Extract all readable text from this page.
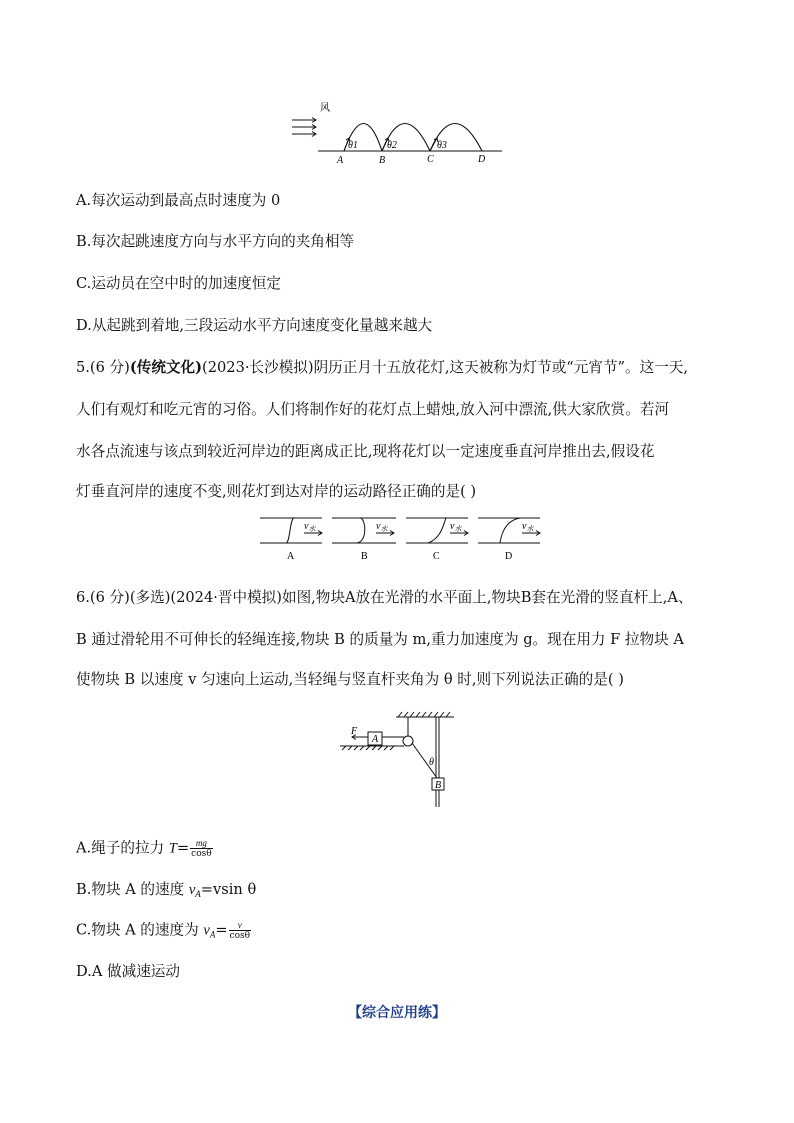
风
θ1	θ2	θ3
A	B	C	D
A.每次运动到最高点时速度为 0
B.每次起跳速度方向与水平方向的夹角相等
C.运动员在空中时的加速度恒定
D.从起跳到着地,三段运动水平方向速度变化量越来越大
5.(6 分)(传统文化)(2023·长沙模拟)阴历正月十五放花灯,这天被称为灯节或“元宵节”。这一天,
人们有观灯和吃元宵的习俗。人们将制作好的花灯点上蜡烛,放入河中漂流,供大家欣赏。若河
水各点流速与该点到较近河岸边的距离成正比,现将花灯以一定速度垂直河岸推出去,假设花
灯垂直河岸的速度不变,则花灯到达对岸的运动路径正确的是( )
$v_水$	$v_水$	$v_水$	$v_水$
A	B	C	D
6.(6 分)(多选)(2024·晋中模拟)如图,物块A放在光滑的水平面上,物块B套在光滑的竖直杆上,A、
B 通过滑轮用不可伸长的轻绳连接,物块 B 的质量为 m,重力加速度为 g。现在用力 F 拉物块 A
使物块 B 以速度 v 匀速向上运动,当轻绳与竖直杆夹角为 θ 时,则下列说法正确的是( )
F
A
B
θ
A.绳子的拉力 $T= \frac{mg}{\cos\theta}$
B.物块 A 的速度 $v_A=vsin$ θ
C.物块 A 的速度为 $v_A= \frac{v}{\cos\theta}$
D.A 做减速运动
【综合应用练】
